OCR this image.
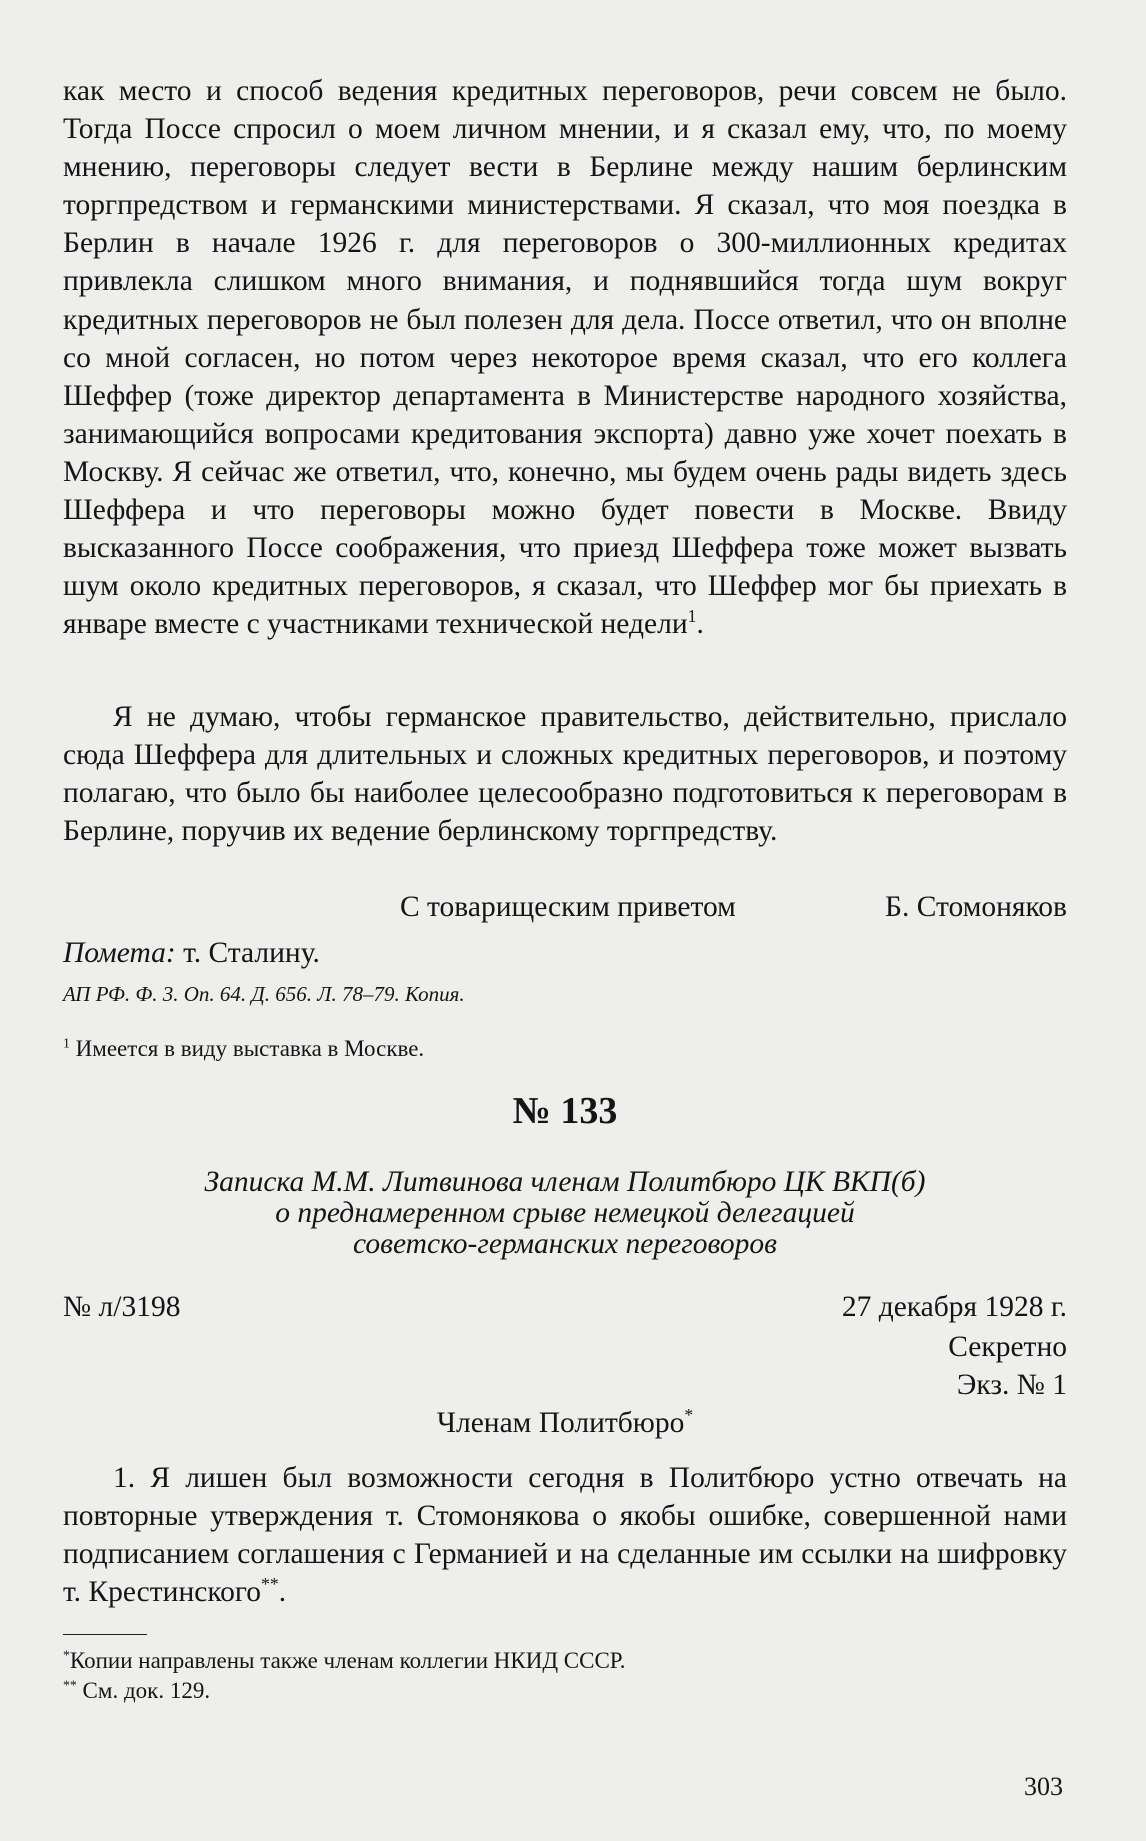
как место и способ ведения кредитных переговоров, речи совсем не было. Тогда Поссе спросил о моем личном мнении, и я сказал ему, что, по моему мнению, переговоры следует вести в Берлине между нашим берлинским торгпредством и германскими министерствами. Я сказал, что моя поездка в Берлин в начале 1926 г. для переговоров о 300-миллионных кредитах привлекла слишком много внимания, и поднявшийся тогда шум вокруг кредитных переговоров не был полезен для дела. Поссе ответил, что он вполне со мной согласен, но потом через некоторое время сказал, что его коллега Шеффер (тоже директор департамента в Министерстве народного хозяйства, занимающийся вопросами кредитования экспорта) давно уже хочет поехать в Москву. Я сейчас же ответил, что, конечно, мы будем очень рады видеть здесь Шеффера и что переговоры можно будет повести в Москве. Ввиду высказанного Поссе соображения, что приезд Шеффера тоже может вызвать шум около кредитных переговоров, я сказал, что Шеффер мог бы приехать в январе вместе с участниками технической недели$^1$.

Я не думаю, чтобы германское правительство, действительно, прислало сюда Шеффера для длительных и сложных кредитных переговоров, и поэтому полагаю, что было бы наиболее целесообразно подготовиться к переговорам в Берлине, поручив их ведение берлинскому торгпредству.

С товарищеским приветом	Б. Стомоняков
Помета: т. Сталину.
АП РФ. Ф. 3. Оп. 64. Д. 656. Л. 78–79. Копия.
$^1$ Имеется в виду выставка в Москве.
№ 133
Записка М.М. Литвинова членам Политбюро ЦК ВКП(б)
о преднамеренном срыве немецкой делегацией
советско-германских переговоров
№ л/3198	27 декабря 1928 г.
Секретно
Экз. № 1
Членам Политбюро*

1. Я лишен был возможности сегодня в Политбюро устно отвечать на повторные утверждения т. Стомонякова о якобы ошибке, совершенной нами подписанием соглашения с Германией и на сделанные им ссылки на шифровку т. Крестинского**.

*Копии направлены также членам коллегии НКИД СССР.
** См. док. 129.
303
